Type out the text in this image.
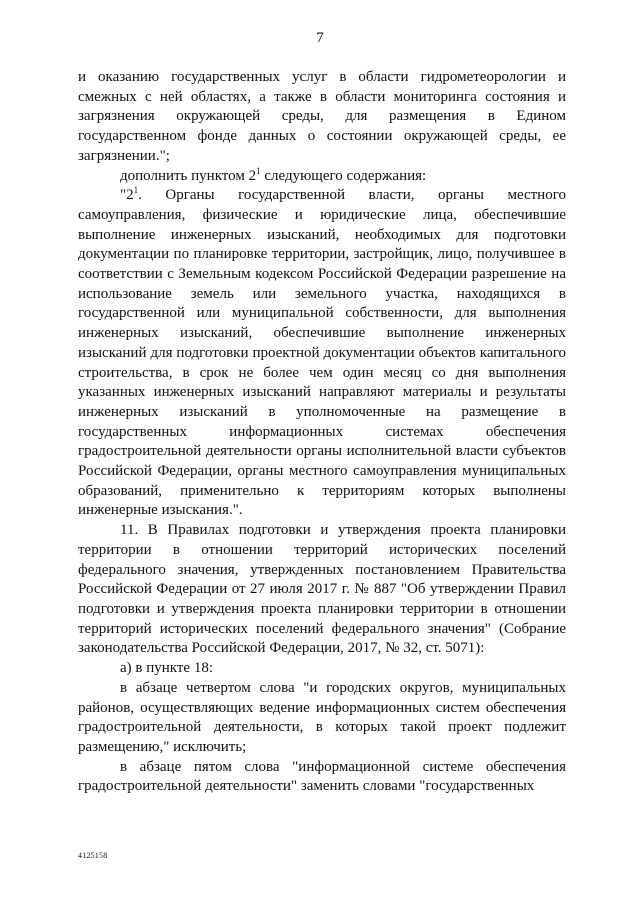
7

и оказанию государственных услуг в области гидрометеорологии и смежных с ней областях, а также в области мониторинга состояния и загрязнения окружающей среды, для размещения в Едином государственном фонде данных о состоянии окружающей среды, ее загрязнении.";

дополнить пунктом $2^1$ следующего содержания:

"$2^1$. Органы государственной власти, органы местного самоуправления, физические и юридические лица, обеспечившие выполнение инженерных изысканий, необходимых для подготовки документации по планировке территории, застройщик, лицо, получившее в соответствии с Земельным кодексом Российской Федерации разрешение на использование земель или земельного участка, находящихся в государственной или муниципальной собственности, для выполнения инженерных изысканий, обеспечившие выполнение инженерных изысканий для подготовки проектной документации объектов капитального строительства, в срок не более чем один месяц со дня выполнения указанных инженерных изысканий направляют материалы и результаты инженерных изысканий в уполномоченные на размещение в государственных информационных системах обеспечения градостроительной деятельности органы исполнительной власти субъектов Российской Федерации, органы местного самоуправления муниципальных образований, применительно к территориям которых выполнены инженерные изыскания.".

11. В Правилах подготовки и утверждения проекта планировки территории в отношении территорий исторических поселений федерального значения, утвержденных постановлением Правительства Российской Федерации от 27 июля 2017 г. № 887 "Об утверждении Правил подготовки и утверждения проекта планировки территории в отношении территорий исторических поселений федерального значения" (Собрание законодательства Российской Федерации, 2017, № 32, ст. 5071):

а) в пункте 18:

в абзаце четвертом слова "и городских округов, муниципальных районов, осуществляющих ведение информационных систем обеспечения градостроительной деятельности, в которых такой проект подлежит размещению," исключить;

в абзаце пятом слова "информационной системе обеспечения градостроительной деятельности" заменить словами "государственных

4125158
